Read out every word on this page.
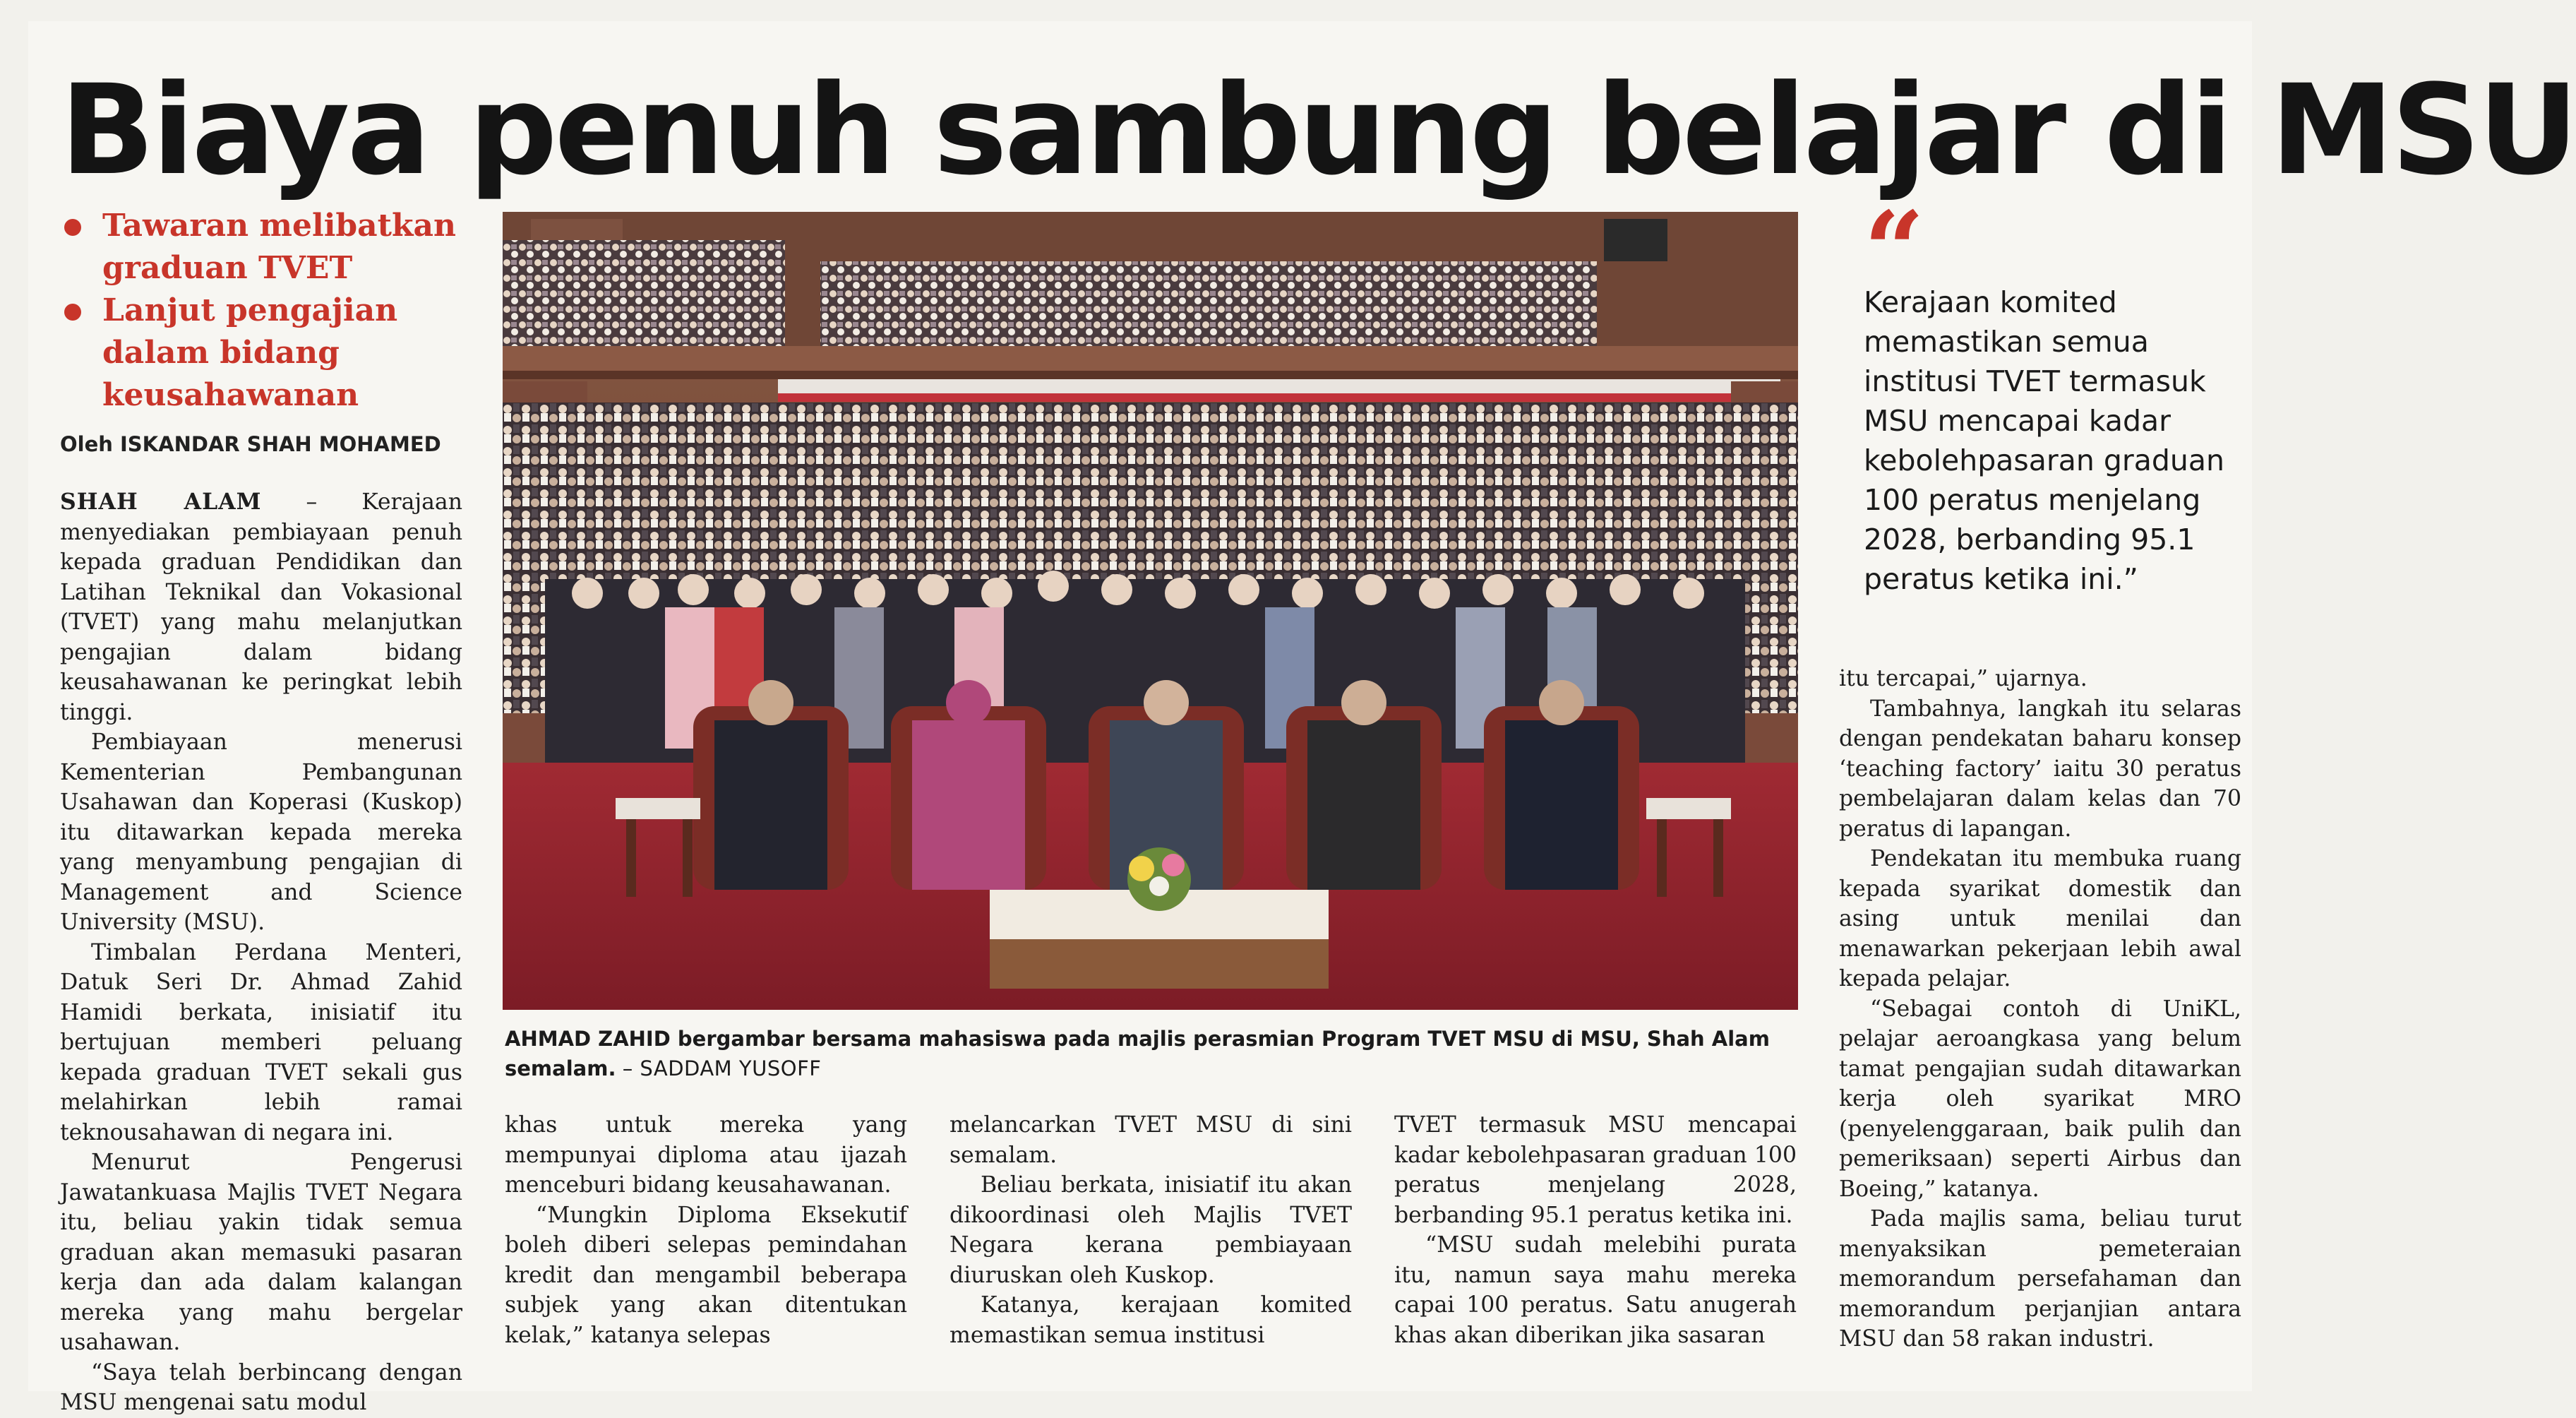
Biaya penuh sambung belajar di MSU
Tawaran melibatkan graduan TVET
Lanjut pengajian dalam bidang keusahawanan
Oleh ISKANDAR SHAH MOHAMED

SHAH ALAM – Kerajaan menyediakan pembiayaan penuh kepada graduan Pendidikan dan Latihan Teknikal dan Vokasional (TVET) yang mahu melanjutkan pengajian dalam bidang keusahawanan ke peringkat lebih tinggi.

Pembiayaan menerusi Kementerian Pembangunan Usahawan dan Koperasi (Kuskop) itu ditawarkan kepada mereka yang menyambung pengajian di Management and Science University (MSU).

Timbalan Perdana Menteri, Datuk Seri Dr. Ahmad Zahid Hamidi berkata, inisiatif itu bertujuan memberi peluang kepada graduan TVET sekali gus melahirkan lebih ramai teknousahawan di negara ini.

Menurut Pengerusi Jawatankuasa Majlis TVET Negara itu, beliau yakin tidak semua graduan akan memasuki pasaran kerja dan ada dalam kalangan mereka yang mahu bergelar usahawan.

“Saya telah berbincang dengan MSU mengenai satu modul

AHMAD ZAHID bergambar bersama mahasiswa pada majlis perasmian Program TVET MSU di MSU, Shah Alam semalam. – SADDAM YUSOFF

khas untuk mereka yang mempunyai diploma atau ijazah menceburi bidang keusahawanan.

“Mungkin Diploma Eksekutif boleh diberi selepas pemindahan kredit dan mengambil beberapa subjek yang akan ditentukan kelak,” katanya selepas

melancarkan TVET MSU di sini semalam.

Beliau berkata, inisiatif itu akan dikoordinasi oleh Majlis TVET Negara kerana pembiayaan diuruskan oleh Kuskop.

Katanya, kerajaan komited memastikan semua institusi

TVET termasuk MSU mencapai kadar kebolehpasaran graduan 100 peratus menjelang 2028, berbanding 95.1 peratus ketika ini.

“MSU sudah melebihi purata itu, namun saya mahu mereka capai 100 peratus. Satu anugerah khas akan diberikan jika sasaran

“
Kerajaan komited memastikan semua institusi TVET termasuk MSU mencapai kadar kebolehpasaran graduan 100 peratus menjelang 2028, berbanding 95.1 peratus ketika ini.”

itu tercapai,” ujarnya.

Tambahnya, langkah itu selaras dengan pendekatan baharu konsep ‘teaching factory’ iaitu 30 peratus pembelajaran dalam kelas dan 70 peratus di lapangan.

Pendekatan itu membuka ruang kepada syarikat domestik dan asing untuk menilai dan menawarkan pekerjaan lebih awal kepada pelajar.

“Sebagai contoh di UniKL, pelajar aeroangkasa yang belum tamat pengajian sudah ditawarkan kerja oleh syarikat MRO (penyelenggaraan, baik pulih dan pemeriksaan) seperti Airbus dan Boeing,” katanya.

Pada majlis sama, beliau turut menyaksikan pemeteraian memorandum persefahaman dan memorandum perjanjian antara MSU dan 58 rakan industri.
